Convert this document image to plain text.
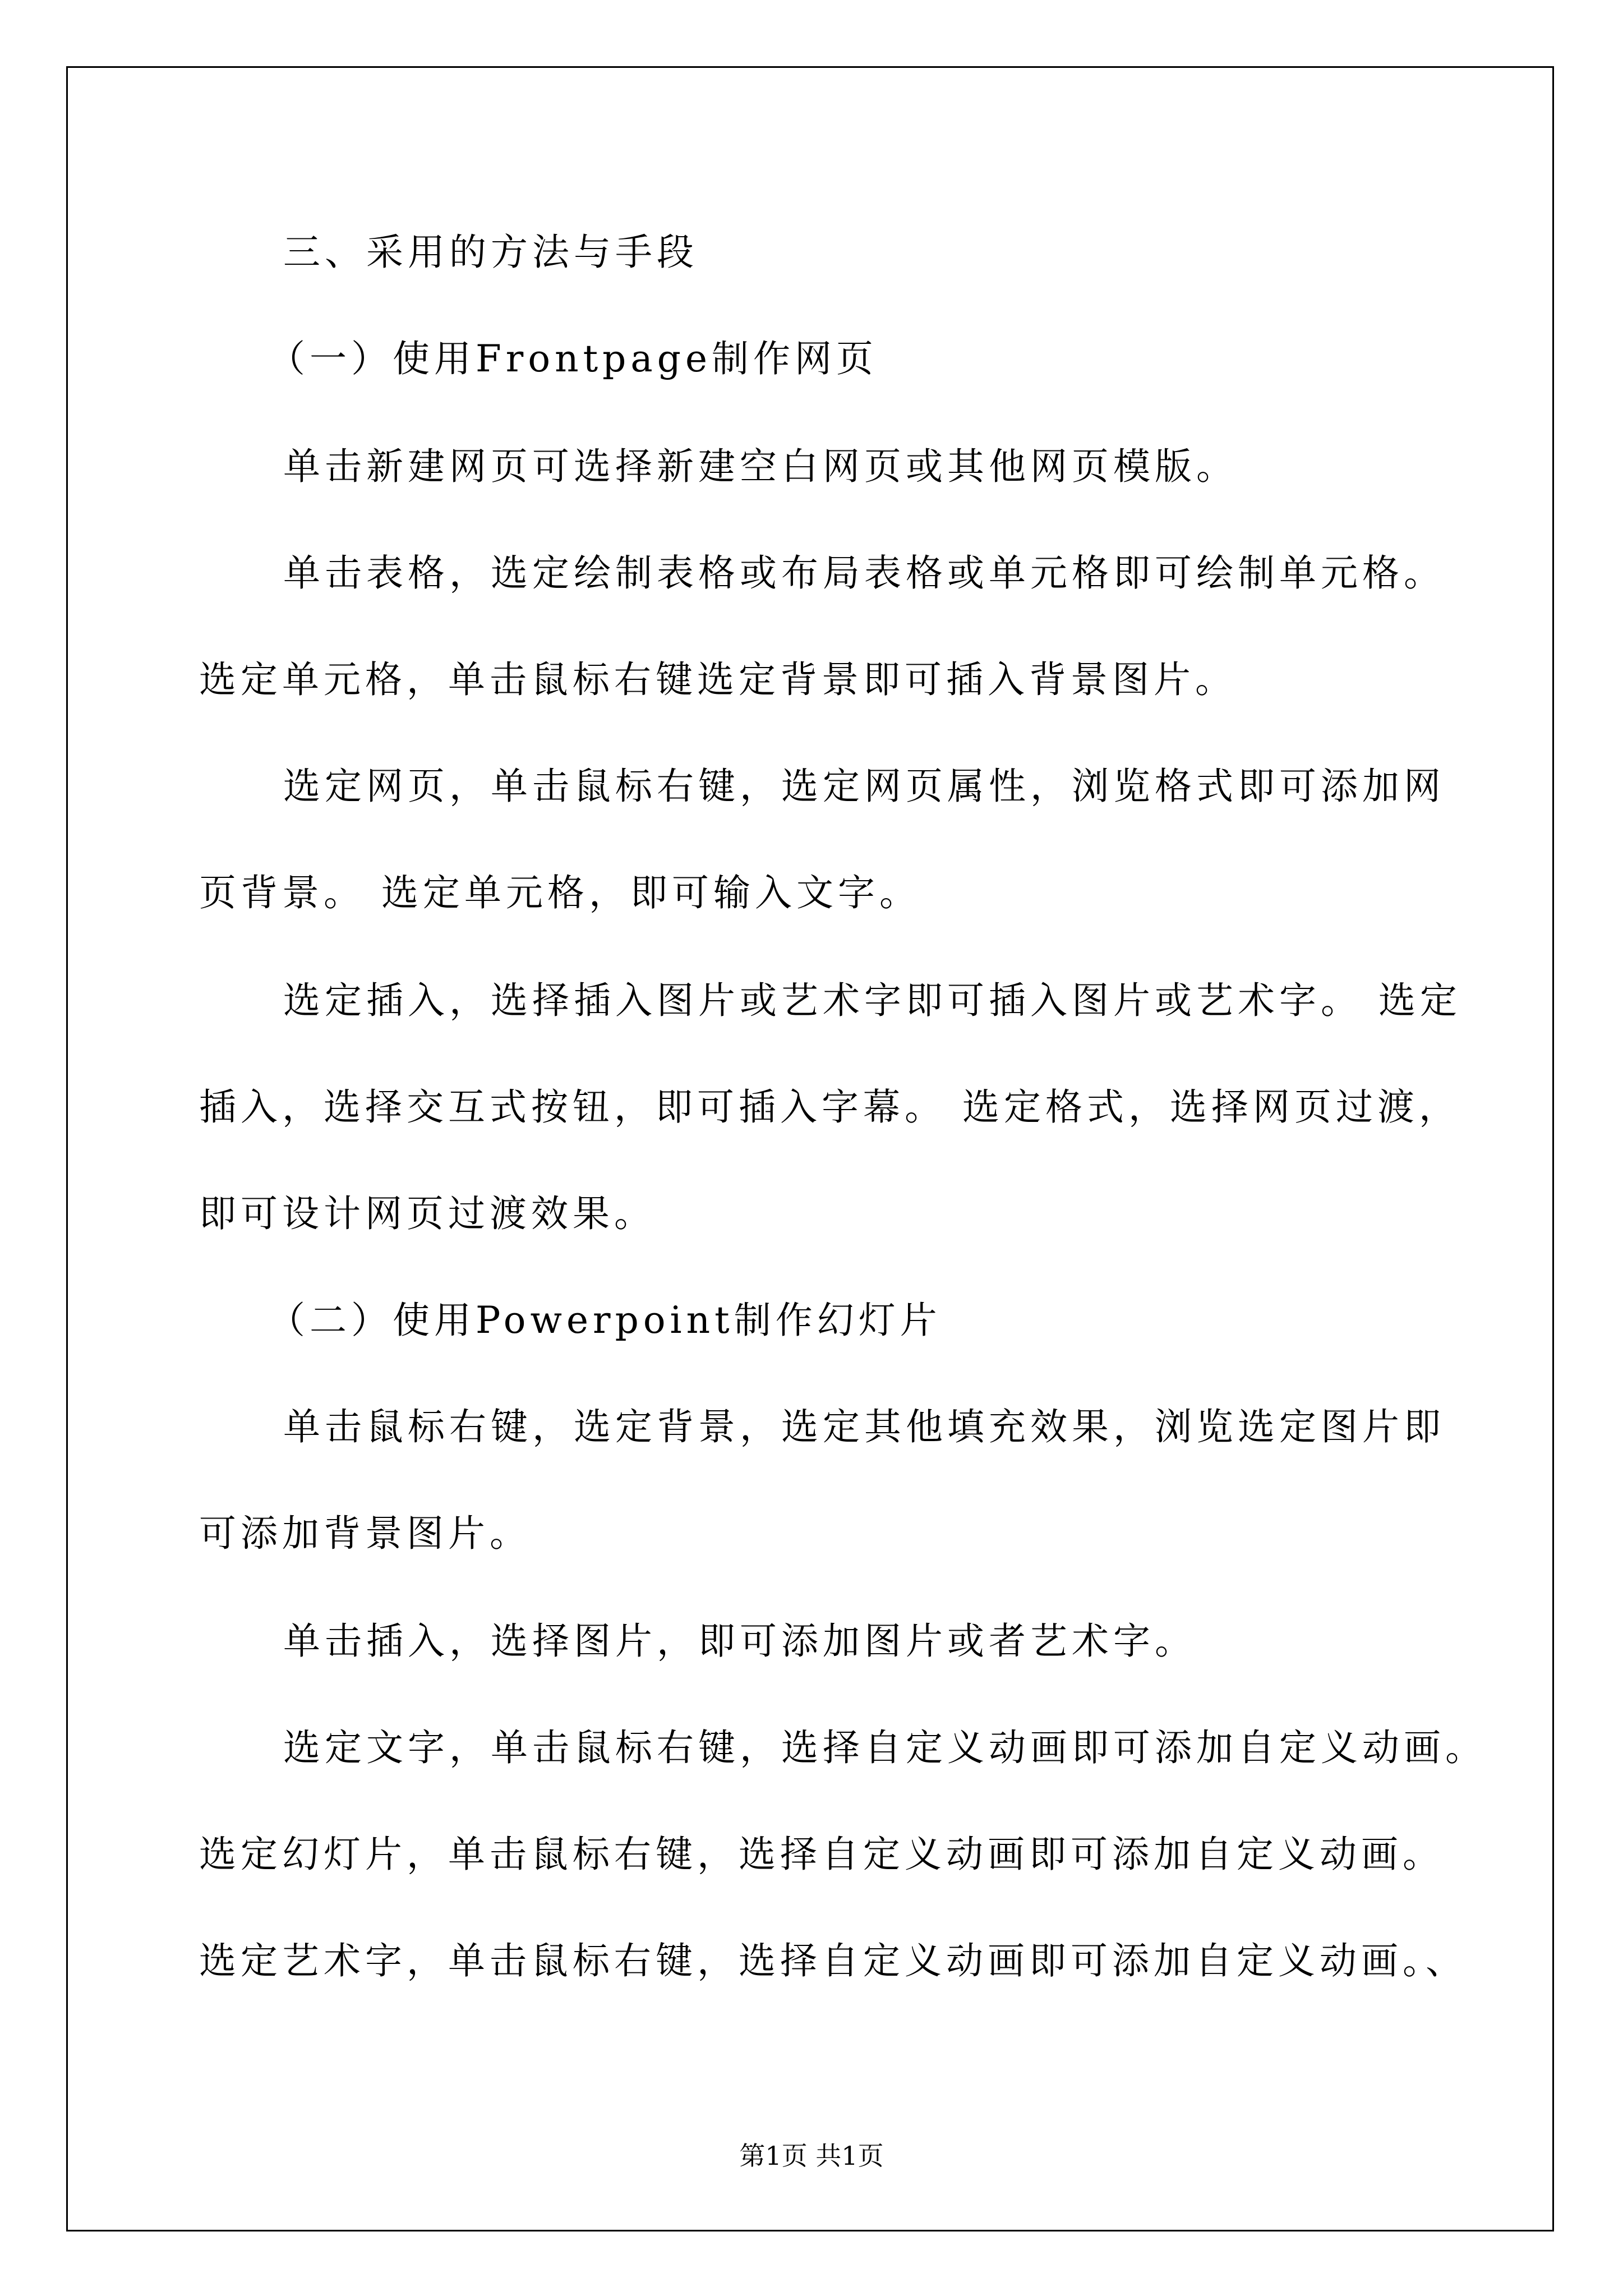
三、采用的方法与手段
（一）使用Frontpage制作网页
单击新建网页可选择新建空白网页或其他网页模版。
单击表格，选定绘制表格或布局表格或单元格即可绘制单元格。
选定单元格，单击鼠标右键选定背景即可插入背景图片。
选定网页，单击鼠标右键，选定网页属性，浏览格式即可添加网
页背景。 选定单元格，即可输入文字。
选定插入，选择插入图片或艺术字即可插入图片或艺术字。 选定
插入，选择交互式按钮，即可插入字幕。 选定格式，选择网页过渡，
即可设计网页过渡效果。
（二）使用Powerpoint制作幻灯片
单击鼠标右键，选定背景，选定其他填充效果，浏览选定图片即
可添加背景图片。
单击插入，选择图片，即可添加图片或者艺术字。
选定文字，单击鼠标右键，选择自定义动画即可添加自定义动画。
选定幻灯片，单击鼠标右键，选择自定义动画即可添加自定义动画。
选定艺术字，单击鼠标右键，选择自定义动画即可添加自定义动画。、
第1页 共1页
